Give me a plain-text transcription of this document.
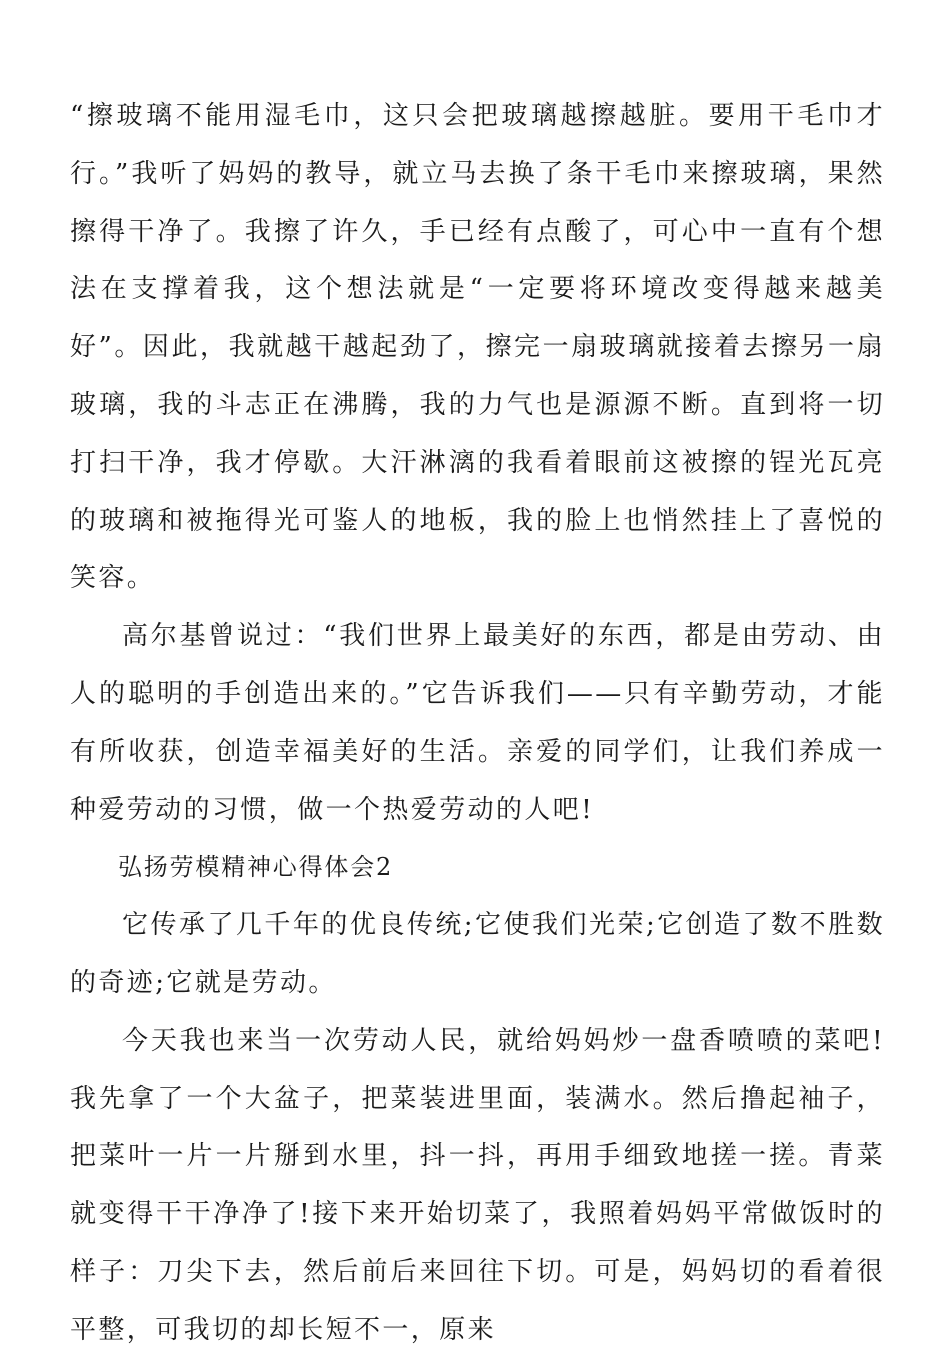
“擦玻璃不能用湿毛巾，这只会把玻璃越擦越脏。要用干毛巾才行。”我听了妈妈的教导，就立马去换了条干毛巾来擦玻璃，果然擦得干净了。我擦了许久，手已经有点酸了，可心中一直有个想法在支撑着我，这个想法就是“一定要将环境改变得越来越美好”。因此，我就越干越起劲了，擦完一扇玻璃就接着去擦另一扇玻璃，我的斗志正在沸腾，我的力气也是源源不断。直到将一切打扫干净，我才停歇。大汗淋漓的我看着眼前这被擦的锃光瓦亮的玻璃和被拖得光可鉴人的地板，我的脸上也悄然挂上了喜悦的笑容。

高尔基曾说过：“我们世界上最美好的东西，都是由劳动、由人的聪明的手创造出来的。”它告诉我们——只有辛勤劳动，才能有所收获，创造幸福美好的生活。亲爱的同学们，让我们养成一种爱劳动的习惯，做一个热爱劳动的人吧!

弘扬劳模精神心得体会2

它传承了几千年的优良传统;它使我们光荣;它创造了数不胜数的奇迹;它就是劳动。

今天我也来当一次劳动人民，就给妈妈炒一盘香喷喷的菜吧!我先拿了一个大盆子，把菜装进里面，装满水。然后撸起袖子，把菜叶一片一片掰到水里，抖一抖，再用手细致地搓一搓。青菜就变得干干净净了!接下来开始切菜了，我照着妈妈平常做饭时的样子：刀尖下去，然后前后来回往下切。可是，妈妈切的看着很平整，可我切的却长短不一，原来
